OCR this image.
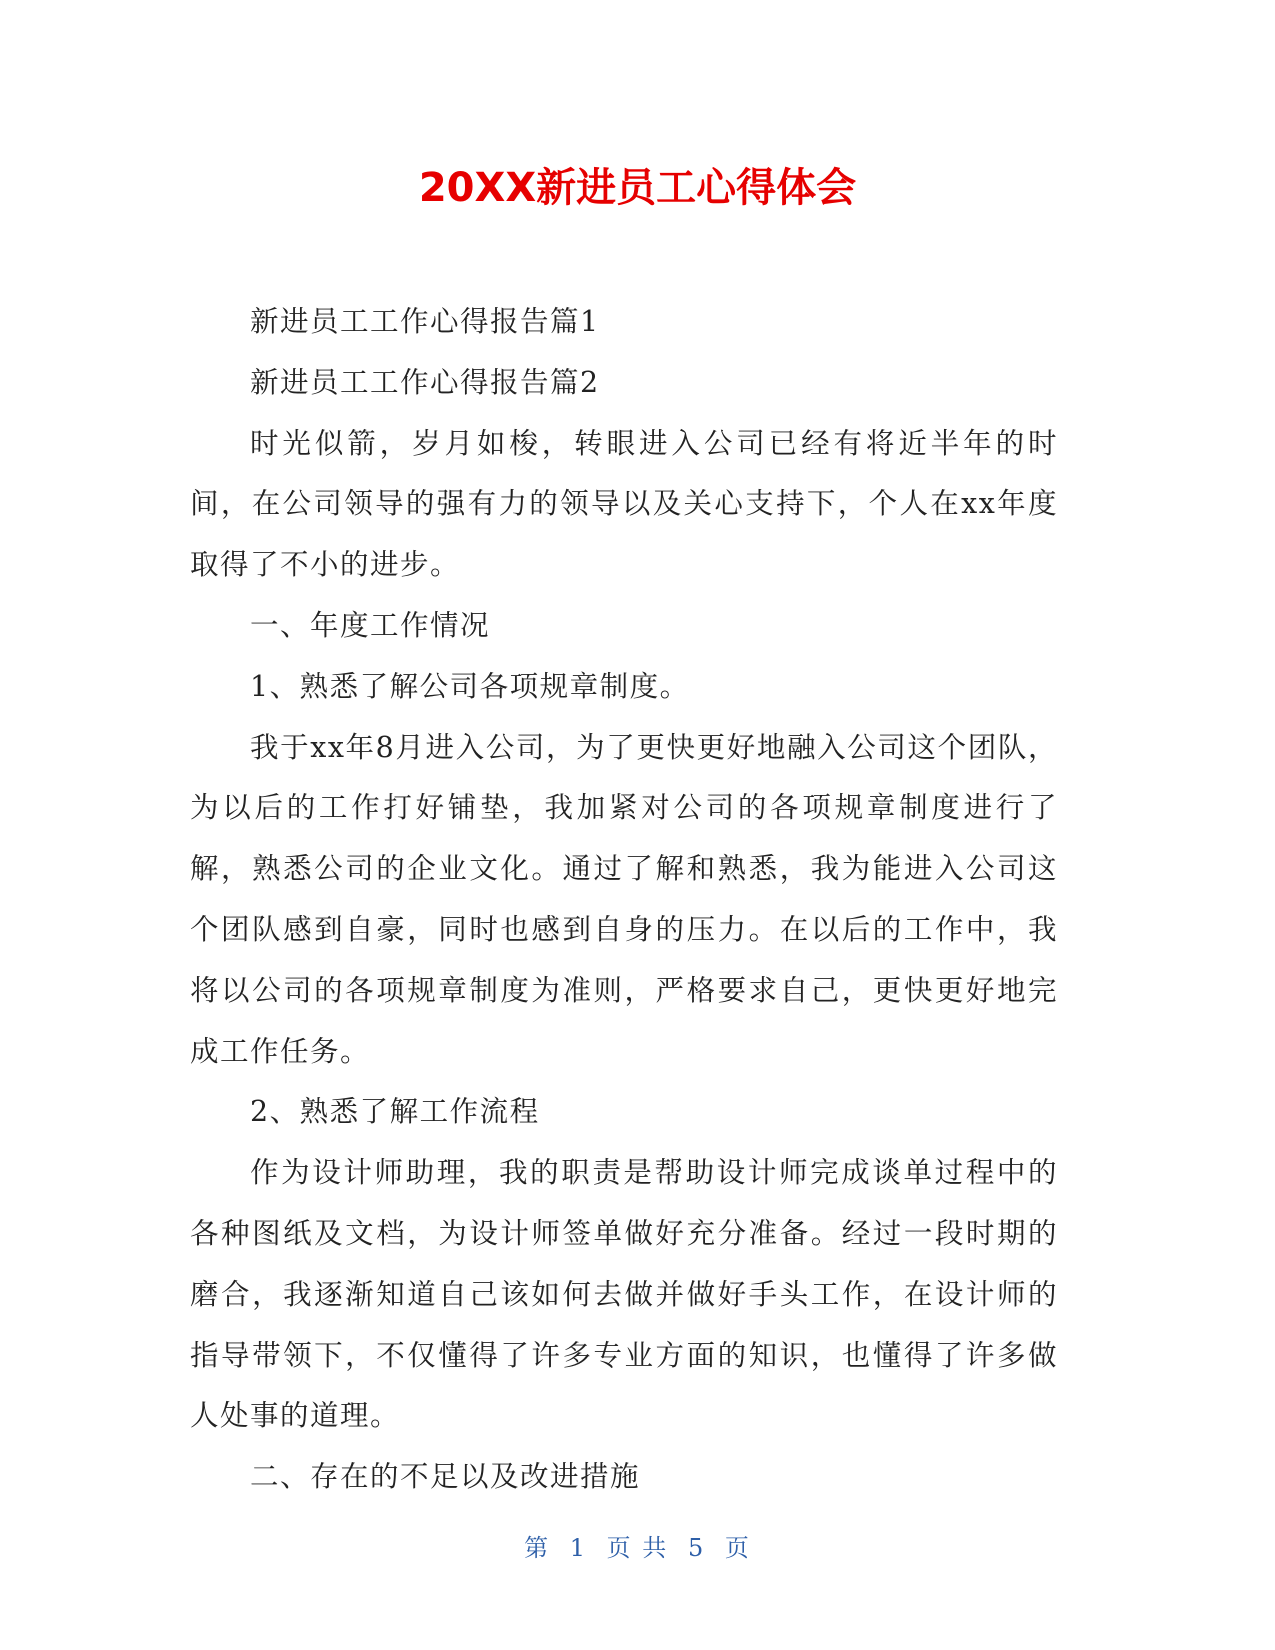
20XX新进员工心得体会

新进员工工作心得报告篇1

新进员工工作心得报告篇2

时光似箭，岁月如梭，转眼进入公司已经有将近半年的时间，在公司领导的强有力的领导以及关心支持下，个人在xx年度取得了不小的进步。

一、年度工作情况

1、熟悉了解公司各项规章制度。

我于xx年8月进入公司，为了更快更好地融入公司这个团队，为以后的工作打好铺垫，我加紧对公司的各项规章制度进行了解，熟悉公司的企业文化。通过了解和熟悉，我为能进入公司这个团队感到自豪，同时也感到自身的压力。在以后的工作中，我将以公司的各项规章制度为准则，严格要求自己，更快更好地完成工作任务。

2、熟悉了解工作流程

作为设计师助理，我的职责是帮助设计师完成谈单过程中的各种图纸及文档，为设计师签单做好充分准备。经过一段时期的磨合，我逐渐知道自己该如何去做并做好手头工作，在设计师的指导带领下，不仅懂得了许多专业方面的知识，也懂得了许多做人处事的道理。

二、存在的不足以及改进措施

第 1 页 共 5 页
